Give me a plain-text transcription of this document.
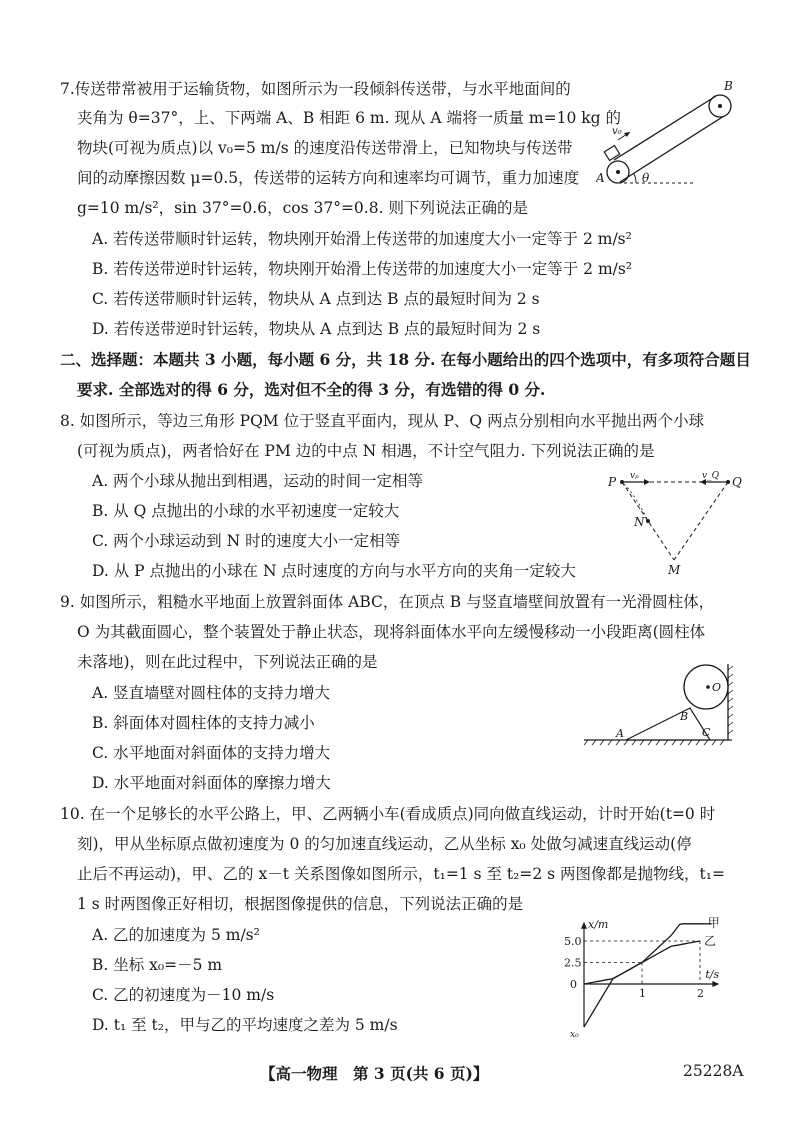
7.传送带常被用于运输货物，如图所示为一段倾斜传送带，与水平地面间的
夹角为 θ=37°，上、下两端 A、B 相距 6 m. 现从 A 端将一质量 m=10 kg 的
物块(可视为质点)以 v₀=5 m/s 的速度沿传送带滑上，已知物块与传送带
间的动摩擦因数 μ=0.5，传送带的运转方向和速率均可调节，重力加速度
g=10 m/s²，sin 37°=0.6，cos 37°=0.8. 则下列说法正确的是
A. 若传送带顺时针运转，物块刚开始滑上传送带的加速度大小一定等于 2 m/s²
B. 若传送带逆时针运转，物块刚开始滑上传送带的加速度大小一定等于 2 m/s²
C. 若传送带顺时针运转，物块从 A 点到达 B 点的最短时间为 2 s
D. 若传送带逆时针运转，物块从 A 点到达 B 点的最短时间为 2 s
A
B
v₀
θ
二、选择题：本题共 3 小题，每小题 6 分，共 18 分. 在每小题给出的四个选项中，有多项符合题目
要求. 全部选对的得 6 分，选对但不全的得 3 分，有选错的得 0 分.
8. 如图所示，等边三角形 PQM 位于竖直平面内，现从 P、Q 两点分别相向水平抛出两个小球
(可视为质点)，两者恰好在 PM 边的中点 N 相遇，不计空气阻力. 下列说法正确的是
A. 两个小球从抛出到相遇，运动的时间一定相等
B. 从 Q 点抛出的小球的水平初速度一定较大
C. 两个小球运动到 N 时的速度大小一定相等
D. 从 P 点抛出的小球在 N 点时速度的方向与水平方向的夹角一定较大
P	Q
vₚ	v_Q
N
M
9. 如图所示，粗糙水平地面上放置斜面体 ABC，在顶点 B 与竖直墙壁间放置有一光滑圆柱体，
O 为其截面圆心，整个装置处于静止状态，现将斜面体水平向左缓慢移动一小段距离(圆柱体
未落地)，则在此过程中，下列说法正确的是
A. 竖直墙壁对圆柱体的支持力增大
B. 斜面体对圆柱体的支持力减小
C. 水平地面对斜面体的支持力增大
D. 水平地面对斜面体的摩擦力增大
O
A
B
C
10. 在一个足够长的水平公路上，甲、乙两辆小车(看成质点)同向做直线运动，计时开始(t=0 时
刻)，甲从坐标原点做初速度为 0 的匀加速直线运动，乙从坐标 x₀ 处做匀减速直线运动(停
止后不再运动)，甲、乙的 x－t 关系图像如图所示，t₁=1 s 至 t₂=2 s 两图像都是抛物线，t₁=
1 s 时两图像正好相切，根据图像提供的信息，下列说法正确的是
A. 乙的加速度为 5 m/s²
B. 坐标 x₀=－5 m
C. 乙的初速度为－10 m/s
D. t₁ 至 t₂，甲与乙的平均速度之差为 5 m/s
0
1	2
2.5
5.0
x₀
x/m
t/s
甲
乙
【高一物理　第 3 页(共 6 页)】	25228A
